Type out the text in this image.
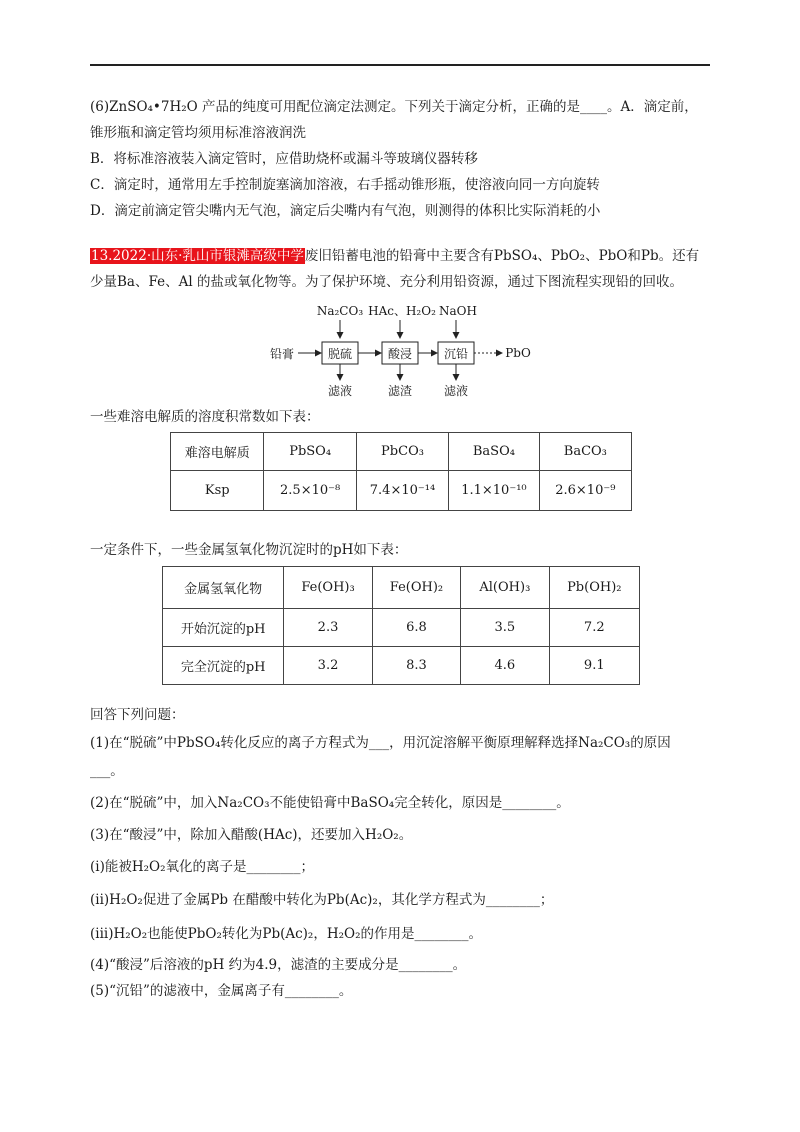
(6)ZnSO₄•7H₂O 产品的纯度可用配位滴定法测定。下列关于滴定分析，正确的是____。A．滴定前，
锥形瓶和滴定管均须用标准溶液润洗
B．将标准溶液装入滴定管时，应借助烧杯或漏斗等玻璃仪器转移
C．滴定时，通常用左手控制旋塞滴加溶液，右手摇动锥形瓶，使溶液向同一方向旋转
D．滴定前滴定管尖嘴内无气泡，滴定后尖嘴内有气泡，则测得的体积比实际消耗的小
13.2022·山东·乳山市银滩高级中学废旧铅蓄电池的铅膏中主要含有PbSO₄、PbO₂、PbO和Pb。还有
少量Ba、Fe、Al 的盐或氧化物等。为了保护环境、充分利用铅资源，通过下图流程实现铅的回收。
Na₂CO₃ HAc、H₂O₂ NaOH
铅膏	脱硫	酸浸	沉铅	PbO
滤液	滤渣	滤液
一些难溶电解质的溶度积常数如下表：
难溶电解质	PbSO₄	PbCO₃	BaSO₄	BaCO₃
Ksp	2.5×10⁻⁸	7.4×10⁻¹⁴	1.1×10⁻¹⁰	2.6×10⁻⁹
一定条件下，一些金属氢氧化物沉淀时的pH如下表：
金属氢氧化物	Fe(OH)₃	Fe(OH)₂	Al(OH)₃	Pb(OH)₂
开始沉淀的pH	2.3	6.8	3.5	7.2
完全沉淀的pH	3.2	8.3	4.6	9.1
回答下列问题：
(1)在“脱硫”中PbSO₄转化反应的离子方程式为___，用沉淀溶解平衡原理解释选择Na₂CO₃的原因
___。
(2)在“脱硫”中，加入Na₂CO₃不能使铅膏中BaSO₄完全转化，原因是________。
(3)在“酸浸”中，除加入醋酸(HAc)，还要加入H₂O₂。
(i)能被H₂O₂氧化的离子是________；
(ii)H₂O₂促进了金属Pb 在醋酸中转化为Pb(Ac)₂，其化学方程式为________；
(iii)H₂O₂也能使PbO₂转化为Pb(Ac)₂，H₂O₂的作用是________。
(4)“酸浸”后溶液的pH 约为4.9，滤渣的主要成分是________。
(5)“沉铅”的滤液中，金属离子有________。
